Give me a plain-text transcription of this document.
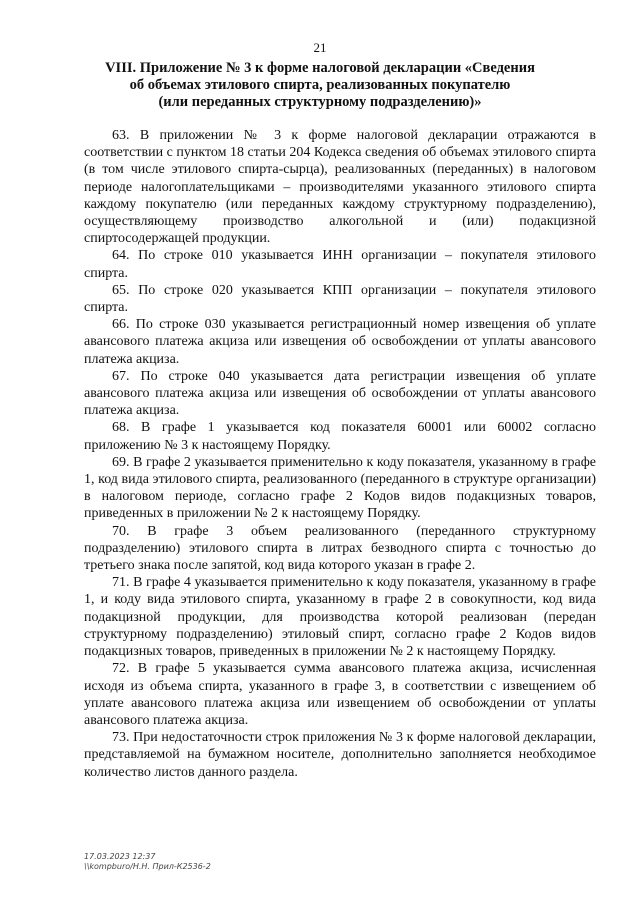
21
VIII. Приложение № 3 к форме налоговой декларации «Сведения
об объемах этилового спирта, реализованных покупателю
(или переданных структурному подразделению)»

63. В приложении № 3 к форме налоговой декларации отражаются в соответствии с пунктом 18 статьи 204 Кодекса сведения об объемах этилового спирта (в том числе этилового спирта-сырца), реализованных (переданных) в налоговом периоде налогоплательщиками – производителями указанного этилового спирта каждому покупателю (или переданных каждому структурному подразделению), осуществляющему производство алкогольной и (или) подакцизной спиртосодержащей продукции.

64. По строке 010 указывается ИНН организации – покупателя этилового спирта.

65. По строке 020 указывается КПП организации – покупателя этилового спирта.

66. По строке 030 указывается регистрационный номер извещения об уплате авансового платежа акциза или извещения об освобождении от уплаты авансового платежа акциза.

67. По строке 040 указывается дата регистрации извещения об уплате авансового платежа акциза или извещения об освобождении от уплаты авансового платежа акциза.

68. В графе 1 указывается код показателя 60001 или 60002 согласно приложению № 3 к настоящему Порядку.

69. В графе 2 указывается применительно к коду показателя, указанному в графе 1, код вида этилового спирта, реализованного (переданного в структуре организации) в налоговом периоде, согласно графе 2 Кодов видов подакцизных товаров, приведенных в приложении № 2 к настоящему Порядку.

70. В графе 3 объем реализованного (переданного структурному подразделению) этилового спирта в литрах безводного спирта с точностью до третьего знака после запятой, код вида которого указан в графе 2.

71. В графе 4 указывается применительно к коду показателя, указанному в графе 1, и коду вида этилового спирта, указанному в графе 2 в совокупности, код вида подакцизной продукции, для производства которой реализован (передан структурному подразделению) этиловый спирт, согласно графе 2 Кодов видов подакцизных товаров, приведенных в приложении № 2 к настоящему Порядку.

72. В графе 5 указывается сумма авансового платежа акциза, исчисленная исходя из объема спирта, указанного в графе 3, в соответствии с извещением об уплате авансового платежа акциза или извещением об освобождении от уплаты авансового платежа акциза.

73. При недостаточности строк приложения № 3 к форме налоговой декларации, представляемой на бумажном носителе, дополнительно заполняется необходимое количество листов данного раздела.

17.03.2023 12:37
\\kompburo/Н.Н. Прил-К2536-2
